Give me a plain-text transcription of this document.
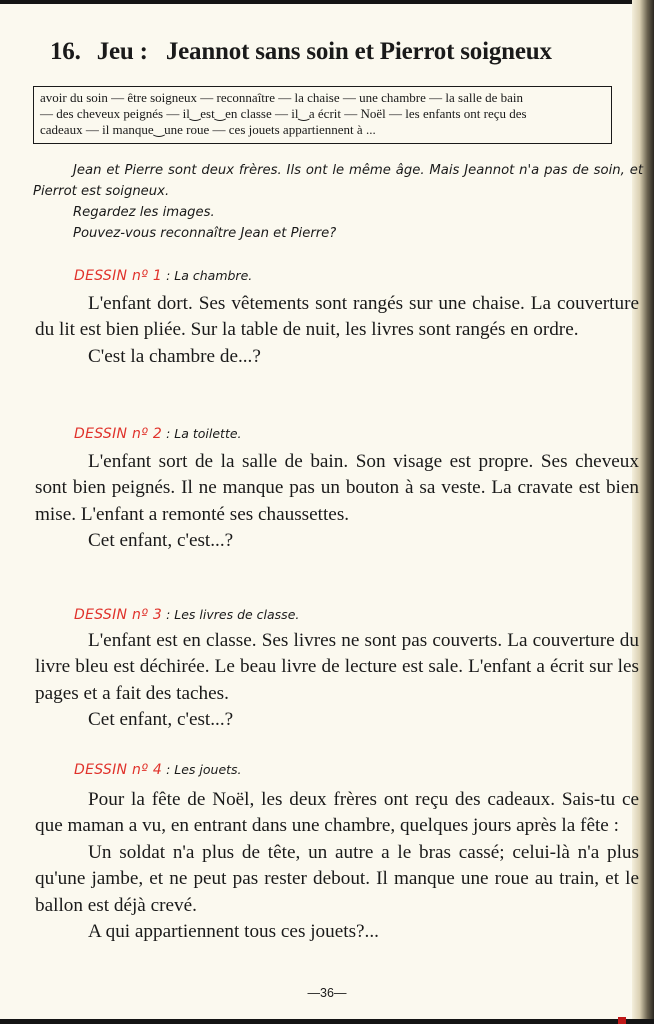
16. Jeu : Jeannot sans soin et Pierrot soigneux
avoir du soin — être soigneux — reconnaître — la chaise — une chambre — la salle de bain
— des cheveux peignés — il‿est‿en classe — il‿a écrit — Noël — les enfants ont reçu des
cadeaux — il manque‿une roue — ces jouets appartiennent à ...

Jean et Pierre sont deux frères. Ils ont le même âge. Mais Jeannot n'a pas de soin, et Pierrot est soigneux.

Regardez les images.

Pouvez-vous reconnaître Jean et Pierre?

DESSIN nº 1 : La chambre.

L'enfant dort. Ses vêtements sont rangés sur une chaise. La couverture du lit est bien pliée. Sur la table de nuit, les livres sont rangés en ordre.

C'est la chambre de...?

DESSIN nº 2 : La toilette.

L'enfant sort de la salle de bain. Son visage est propre. Ses cheveux sont bien peignés. Il ne manque pas un bouton à sa veste. La cravate est bien mise. L'enfant a remonté ses chaussettes.

Cet enfant, c'est...?

DESSIN nº 3 : Les livres de classe.

L'enfant est en classe. Ses livres ne sont pas couverts. La couverture du livre bleu est déchirée. Le beau livre de lecture est sale. L'enfant a écrit sur les pages et a fait des taches.

Cet enfant, c'est...?

DESSIN nº 4 : Les jouets.

Pour la fête de Noël, les deux frères ont reçu des cadeaux. Sais-tu ce que maman a vu, en entrant dans une chambre, quelques jours après la fête :

Un soldat n'a plus de tête, un autre a le bras cassé; celui-là n'a plus qu'une jambe, et ne peut pas rester debout. Il manque une roue au train, et le ballon est déjà crevé.

A qui appartiennent tous ces jouets?...

—36—
